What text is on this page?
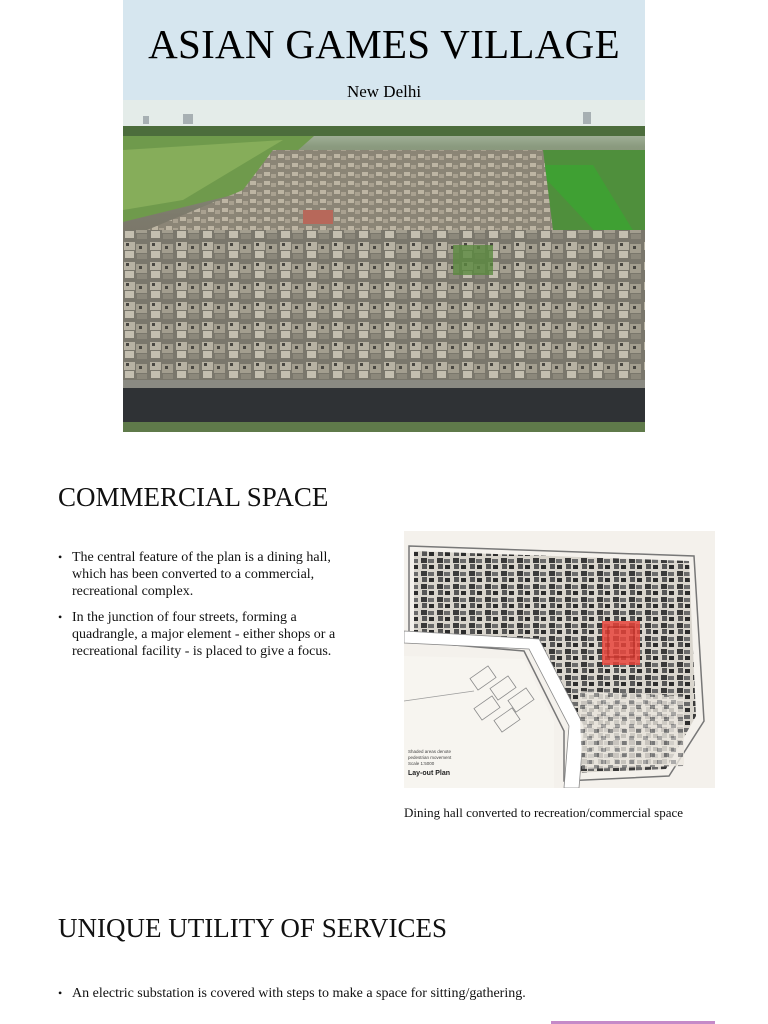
ASIAN GAMES VILLAGE
New Delhi
COMMERCIAL SPACE
• The central feature of the plan is a dining hall,
which has been converted to a commercial,
recreational complex.
• In the junction of four streets, forming a
quadrangle, a major element - either shops or a
recreational facility - is placed to give a focus.
Shaded areas denote
pedestrian movement
Scale 1:5000
Lay-out Plan
Dining hall converted to recreation/commercial space
UNIQUE UTILITY OF SERVICES
• An electric substation is covered with steps to make a space for sitting/gathering.
